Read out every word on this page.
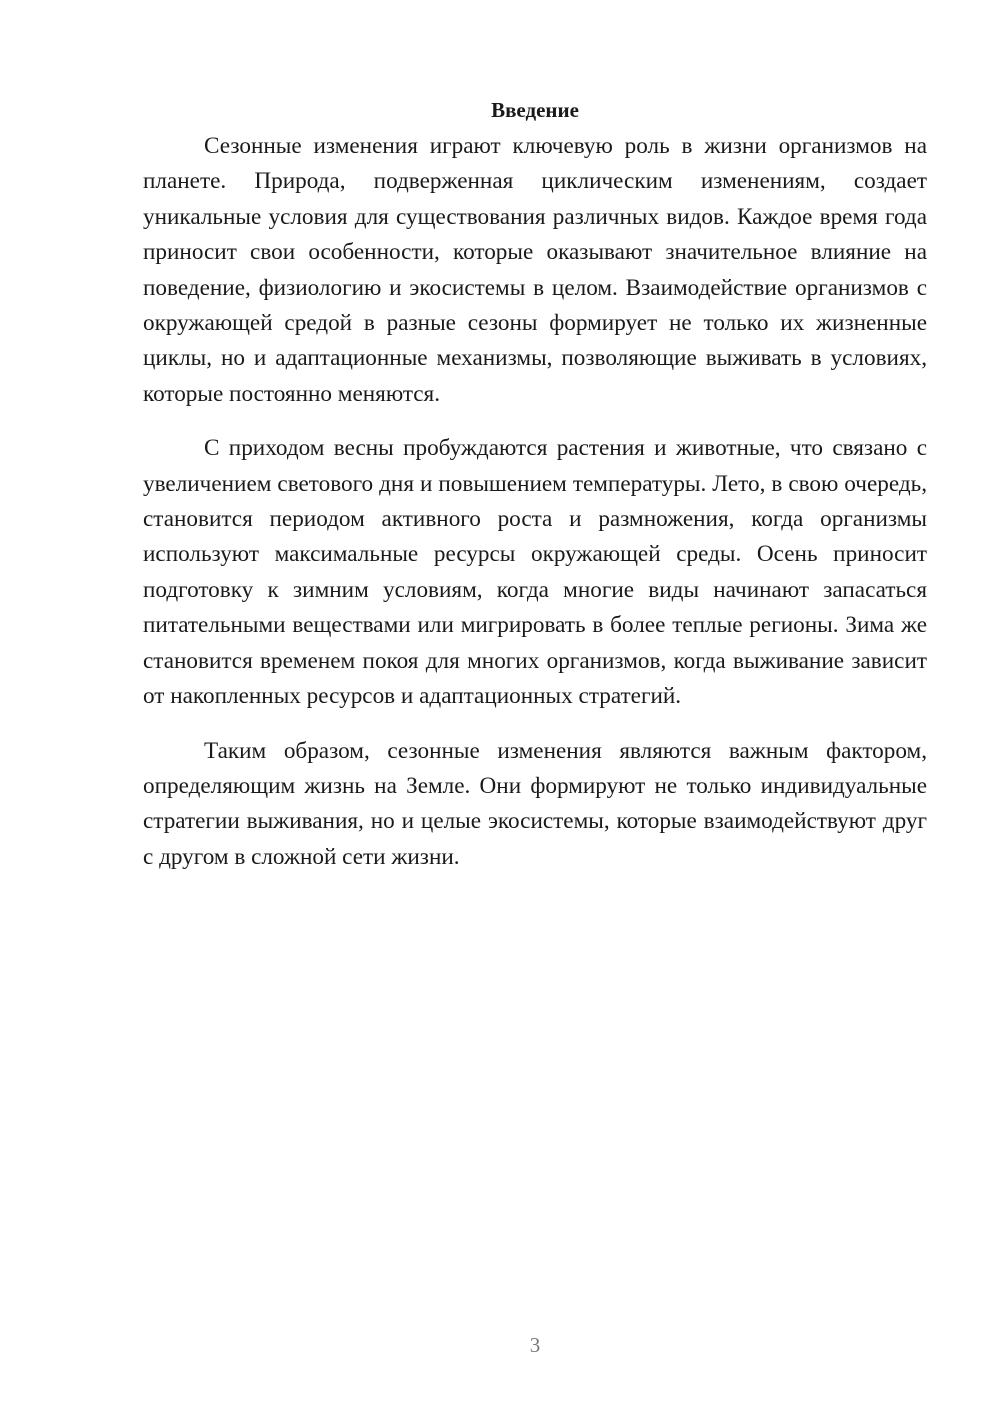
Введение

Сезонные изменения играют ключевую роль в жизни организмов на планете. Природа, подверженная циклическим изменениям, создает уникальные условия для существования различных видов. Каждое время года приносит свои особенности, которые оказывают значительное влияние на поведение, физиологию и экосистемы в целом. Взаимодействие организмов с окружающей средой в разные сезоны формирует не только их жизненные циклы, но и адаптационные механизмы, позволяющие выживать в условиях, которые постоянно меняются.

С приходом весны пробуждаются растения и животные, что связано с увеличением светового дня и повышением температуры. Лето, в свою очередь, становится периодом активного роста и размножения, когда организмы используют максимальные ресурсы окружающей среды. Осень приносит подготовку к зимним условиям, когда многие виды начинают запасаться питательными веществами или мигрировать в более теплые регионы. Зима же становится временем покоя для многих организмов, когда выживание зависит от накопленных ресурсов и адаптационных стратегий.

Таким образом, сезонные изменения являются важным фактором, определяющим жизнь на Земле. Они формируют не только индивидуальные стратегии выживания, но и целые экосистемы, которые взаимодействуют друг с другом в сложной сети жизни.

3
